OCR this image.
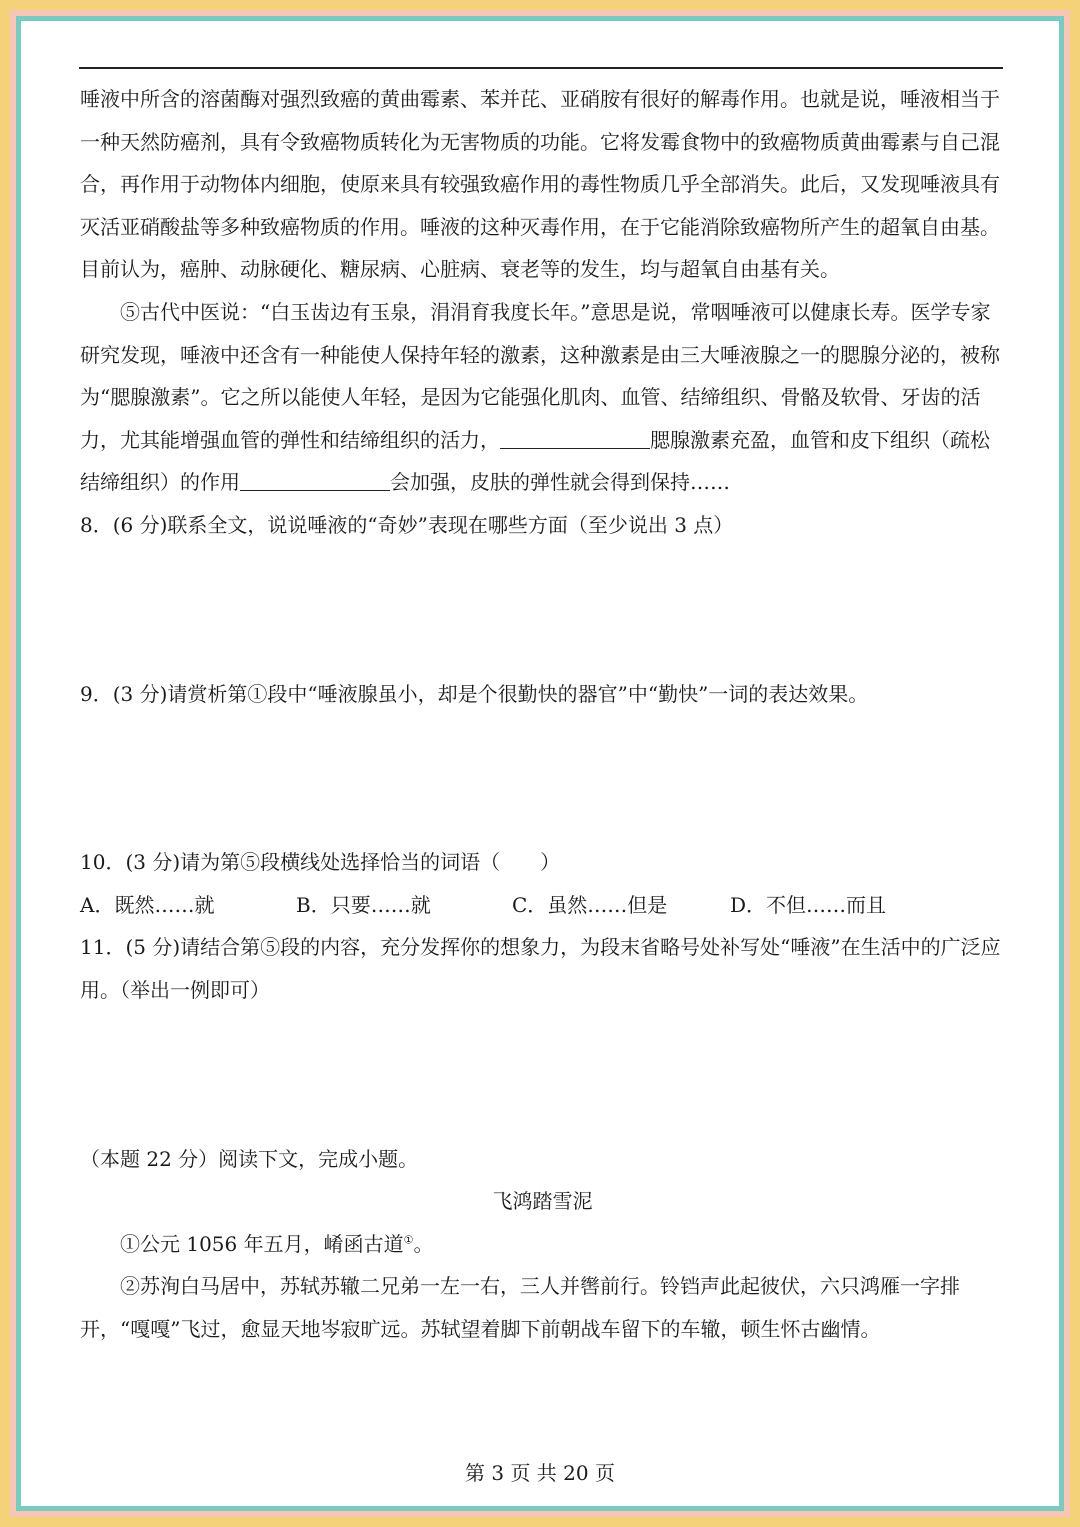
唾液中所含的溶菌酶对强烈致癌的黄曲霉素、苯并芘、亚硝胺有很好的解毒作用。也就是说，唾液相当于一种天然防癌剂，具有令致癌物质转化为无害物质的功能。它将发霉食物中的致癌物质黄曲霉素与自己混合，再作用于动物体内细胞，使原来具有较强致癌作用的毒性物质几乎全部消失。此后，又发现唾液具有灭活亚硝酸盐等多种致癌物质的作用。唾液的这种灭毒作用，在于它能消除致癌物所产生的超氧自由基。目前认为，癌肿、动脉硬化、糖尿病、心脏病、衰老等的发生，均与超氧自由基有关。

⑤古代中医说：“白玉齿边有玉泉，涓涓育我度长年。”意思是说，常咽唾液可以健康长寿。医学专家研究发现，唾液中还含有一种能使人保持年轻的激素，这种激素是由三大唾液腺之一的腮腺分泌的，被称为“腮腺激素”。它之所以能使人年轻，是因为它能强化肌肉、血管、结缔组织、骨骼及软骨、牙齿的活力，尤其能增强血管的弹性和结缔组织的活力，	腮腺激素充盈，血管和皮下组织（疏松结缔组织）的作用	会加强，皮肤的弹性就会得到保持……

8．(6 分)联系全文，说说唾液的“奇妙”表现在哪些方面（至少说出 3 点）

9．(3 分)请赏析第①段中“唾液腺虽小，却是个很勤快的器官”中“勤快”一词的表达效果。

10．(3 分)请为第⑤段横线处选择恰当的词语（　　）

A．既然……就	B．只要……就	C．虽然……但是	D．不但……而且

11．(5 分)请结合第⑤段的内容，充分发挥你的想象力，为段末省略号处补写处“唾液”在生活中的广泛应用。（举出一例即可）

（本题 22 分）阅读下文，完成小题。

飞鸿踏雪泥

①公元 1056 年五月，崤函古道①。

②苏洵白马居中，苏轼苏辙二兄弟一左一右，三人并辔前行。铃铛声此起彼伏，六只鸿雁一字排开，“嘎嘎”飞过，愈显天地岑寂旷远。苏轼望着脚下前朝战车留下的车辙，顿生怀古幽情。

第 3 页 共 20 页
